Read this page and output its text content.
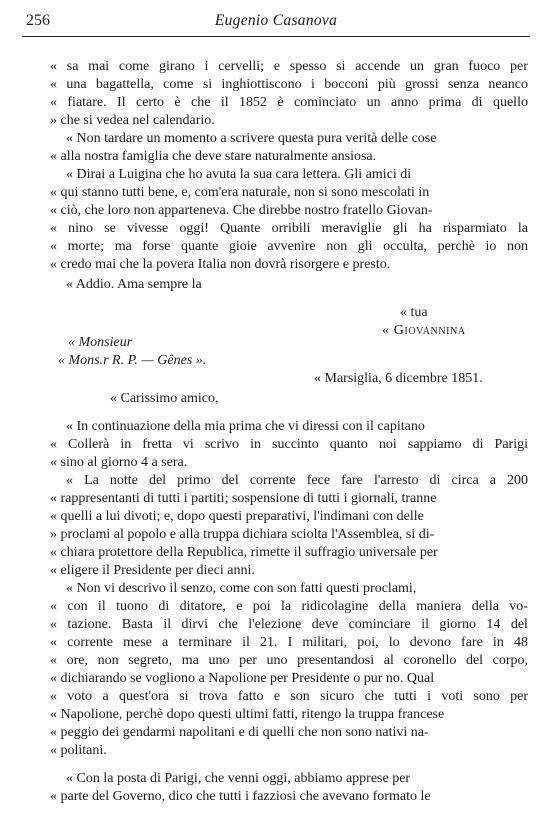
256	Eugenio Casanova
« sa mai come girano i cervelli; e spesso si accende un gran fuoco per
« una bagattella, come si inghiottiscono i bocconi più grossi senza neanco
« fiatare. Il certo è che il 1852 è cominciato un anno prima di quello
» che si vedea nel calendario.
« Non tardare un momento a scrivere questa pura verità delle cose
« alla nostra famiglia che deve stare naturalmente ansiosa.
« Dirai a Luigina che ho avuta la sua cara lettera. Gli amici di
« qui stanno tutti bene, e, com'era naturale, non si sono mescolati in
« ciò, che loro non apparteneva. Che direbbe nostro fratello Giovan-
« nino se vivesse oggi! Quante orribili meraviglie gli ha risparmiato la
« morte; ma forse quante gioie avvenire non gli occulta, perchè io non
« credo mai che la povera Italia non dovrà risorgere e presto.
« Addio. Ama sempre la
« tua
« Giovannina
« Monsieur
« Mons.r R. P. — Gênes ».
« Marsiglia, 6 dicembre 1851.
« Carissimo amico,
« In continuazione della mia prima che vi diressi con il capitano
« Collerà in fretta vi scrivo in succinto quanto noi sappiamo di Parigi
« sino al giorno 4 a sera.
« La notte del primo del corrente fece fare l'arresto di circa a 200
« rappresentanti di tutti i partiti; sospensione di tutti i giornali, tranne
« quelli a lui divoti; e, dopo questi preparativi, l'indimani con delle
» proclami al popolo e alla truppa dichiara sciolta l'Assemblea, si di-
« chiara protettore della Republica, rimette il suffragio universale per
« eligere il Presidente per dieci anni.
« Non vi descrivo il senzo, come con son fatti questi proclami,
« con il tuono di ditatore, e poi la ridicolagine della maniera della vo-
« tazione. Basta il dirvi che l'elezione deve cominciare il giorno 14 del
« corrente mese a terminare il 21. I militari, poi, lo devono fare in 48
« ore, non segreto, ma uno per uno presentandosi al coronello del corpo,
« dichiarando se vogliono a Napolione per Presidente o pur no. Qual
« voto a quest'ora si trova fatto e son sicuro che tutti i voti sono per
« Napolione, perchè dopo questi ultimi fatti, ritengo la truppa francese
« peggio dei gendarmi napolitani e di quelli che non sono nativi na-
« politani.
« Con la posta di Parigi, che venni oggi, abbiamo apprese per
« parte del Governo, dico che tutti i fazziosi che avevano formato le
